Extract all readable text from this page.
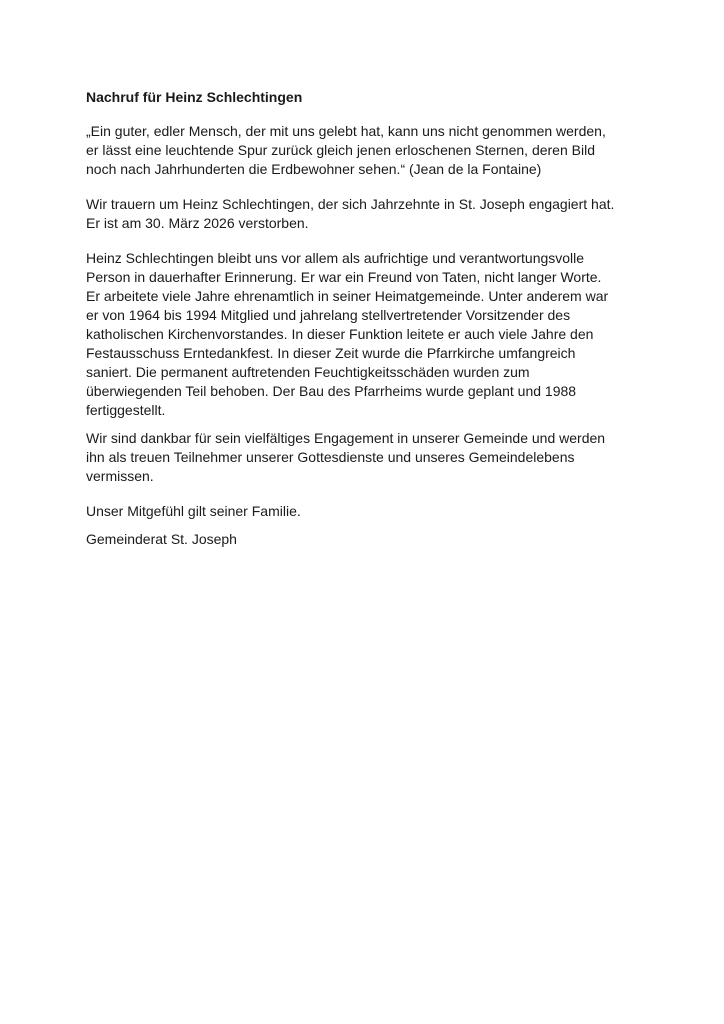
Nachruf für Heinz Schlechtingen
„Ein guter, edler Mensch, der mit uns gelebt hat, kann uns nicht genommen werden,
er lässt eine leuchtende Spur zurück gleich jenen erloschenen Sternen, deren Bild
noch nach Jahrhunderten die Erdbewohner sehen.“ (Jean de la Fontaine)
Wir trauern um Heinz Schlechtingen, der sich Jahrzehnte in St. Joseph engagiert hat.
Er ist am 30. März 2026 verstorben.
Heinz Schlechtingen bleibt uns vor allem als aufrichtige und verantwortungsvolle
Person in dauerhafter Erinnerung. Er war ein Freund von Taten, nicht langer Worte.
Er arbeitete viele Jahre ehrenamtlich in seiner Heimatgemeinde. Unter anderem war
er von 1964 bis 1994 Mitglied und jahrelang stellvertretender Vorsitzender des
katholischen Kirchenvorstandes. In dieser Funktion leitete er auch viele Jahre den
Festausschuss Erntedankfest. In dieser Zeit wurde die Pfarrkirche umfangreich
saniert. Die permanent auftretenden Feuchtigkeitsschäden wurden zum
überwiegenden Teil behoben. Der Bau des Pfarrheims wurde geplant und 1988
fertiggestellt.
Wir sind dankbar für sein vielfältiges Engagement in unserer Gemeinde und werden
ihn als treuen Teilnehmer unserer Gottesdienste und unseres Gemeindelebens
vermissen.
Unser Mitgefühl gilt seiner Familie.
Gemeinderat St. Joseph
